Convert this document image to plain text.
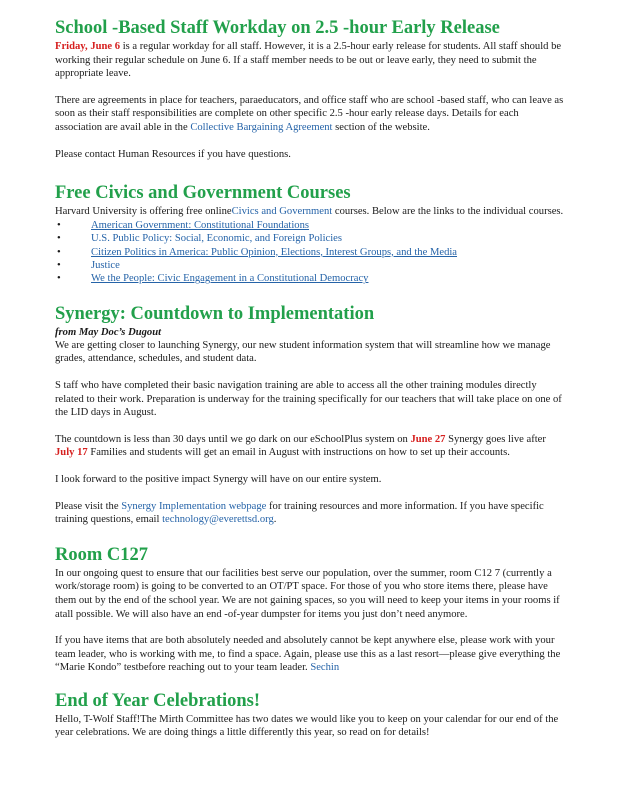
School -Based Staff Workday on 2.5 -hour Early Release

Friday, June 6 is a regular workday for all staff. However, it is a 2.5-hour early release for students. All staff should be working their regular schedule on June 6. If a staff member needs to be out or leave early, they need to submit the appropriate leave.

There are agreements in place for teachers, paraeducators, and office staff who are school -based staff, who can leave as soon as their staff responsibilities are complete on other specific 2.5 -hour early release days. Details for each association are avail able in the Collective Bargaining Agreement section of the website.

Please contact Human Resources if you have questions.

Free Civics and Government Courses

Harvard University is offering free onlineCivics and Government courses. Below are the links to the individual courses.

• American Government: Constitutional Foundations
• U.S. Public Policy: Social, Economic, and Foreign Policies
• Citizen Politics in America: Public Opinion, Elections, Interest Groups, and the Media
• Justice
• We the People: Civic Engagement in a Constitutional Democracy
Synergy: Countdown to Implementation
from May Doc’s Dugout

We are getting closer to launching Synergy, our new student information system that will streamline how we manage grades, attendance, schedules, and student data.

S taff who have completed their basic navigation training are able to access all the other training modules directly related to their work. Preparation is underway for the training specifically for our teachers that will take place on one of the LID days in August.

The countdown is less than 30 days until we go dark on our eSchoolPlus system on June 27 Synergy goes live after July 17 Families and students will get an email in August with instructions on how to set up their accounts.

I look forward to the positive impact Synergy will have on our entire system.

Please visit the Synergy Implementation webpage for training resources and more information. If you have specific training questions, email technology@everettsd.org.

Room C127

In our ongoing quest to ensure that our facilities best serve our population, over the summer, room C12 7 (currently a work/storage room) is going to be converted to an OT/PT space. For those of you who store items there, please have them out by the end of the school year. We are not gaining spaces, so you will need to keep your items in your rooms if atall possible. We will also have an end -of-year dumpster for items you just don’t need anymore.

If you have items that are both absolutely needed and absolutely cannot be kept anywhere else, please work with your team leader, who is working with me, to find a space. Again, please use this as a last resort—please give everything the “Marie Kondo” testbefore reaching out to your team leader. Sechin

End of Year Celebrations!

Hello, T-Wolf Staff!The Mirth Committee has two dates we would like you to keep on your calendar for our end of the year celebrations. We are doing things a little differently this year, so read on for details!
